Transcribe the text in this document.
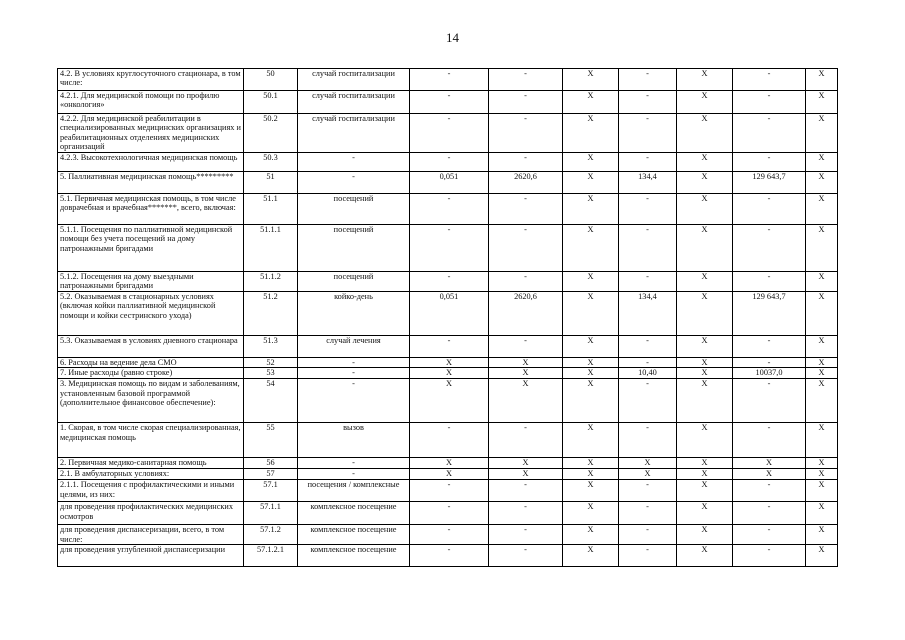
14
4.2. В условиях круглосуточного стационара, в том числе:	50	случай госпитализации	-	-	Х	-	Х	-	Х
4.2.1. Для медицинской помощи по профилю «онкология»	50.1	случай госпитализации	-	-	Х	-	Х	-	Х
4.2.2. Для медицинской реабилитации в специализированных медицинских организациях и реабилитационных отделениях медицинских организаций	50.2	случай госпитализации	-	-	Х	-	Х	-	Х
4.2.3. Высокотехнологичная медицинская помощь	50.3	-	-	-	Х	-	Х	-	Х
5. Паллиативная медицинская помощь*********	51	-	0,051	2620,6	Х	134,4	Х	129 643,7	Х
5.1. Первичная медицинская помощь, в том числе доврачебная и врачебная*******, всего, включая:	51.1	посещений	-	-	Х	-	Х	-	Х
5.1.1. Посещения по паллиативной медицинской помощи без учета посещений на дому патронажными бригадами	51.1.1	посещений	-	-	Х	-	Х	-	Х
5.1.2. Посещения на дому выездными патронажными бригадами	51.1.2	посещений	-	-	Х	-	Х	-	Х
5.2. Оказываемая в стационарных условиях (включая койки паллиативной медицинской помощи и койки сестринского ухода)	51.2	койко-день	0,051	2620,6	Х	134,4	Х	129 643,7	Х
5.3. Оказываемая в условиях дневного стационара	51.3	случай лечения	-	-	Х	-	Х	-	Х
6. Расходы на ведение дела СМО	52	-	Х	Х	Х	-	Х	-	Х
7. Иные расходы (равно строке)	53	-	Х	Х	Х	10,40	Х	10037,0	Х
3. Медицинская помощь по видам и заболеваниям, установленным базовой программой (дополнительное финансовое обеспечение):	54	-	Х	Х	Х	-	Х	-	Х
1. Скорая, в том числе скорая специализированная, медицинская помощь	55	вызов	-	-	Х	-	Х	-	Х
2. Первичная медико-санитарная помощь	56	-	Х	Х	Х	Х	Х	Х	Х
2.1. В амбулаторных условиях:	57	-	Х	Х	Х	Х	Х	Х	Х
2.1.1. Посещения с профилактическими и иными целями, из них:	57.1	посещения / комплексные	-	-	Х	-	Х	-	Х
для проведения профилактических медицинских осмотров	57.1.1	комплексное посещение	-	-	Х	-	Х	-	Х
для проведения диспансеризации, всего, в том числе:	57.1.2	комплексное посещение	-	-	Х	-	Х	-	Х
для проведения углубленной диспансеризации	57.1.2.1	комплексное посещение	-	-	Х	-	Х	-	Х
